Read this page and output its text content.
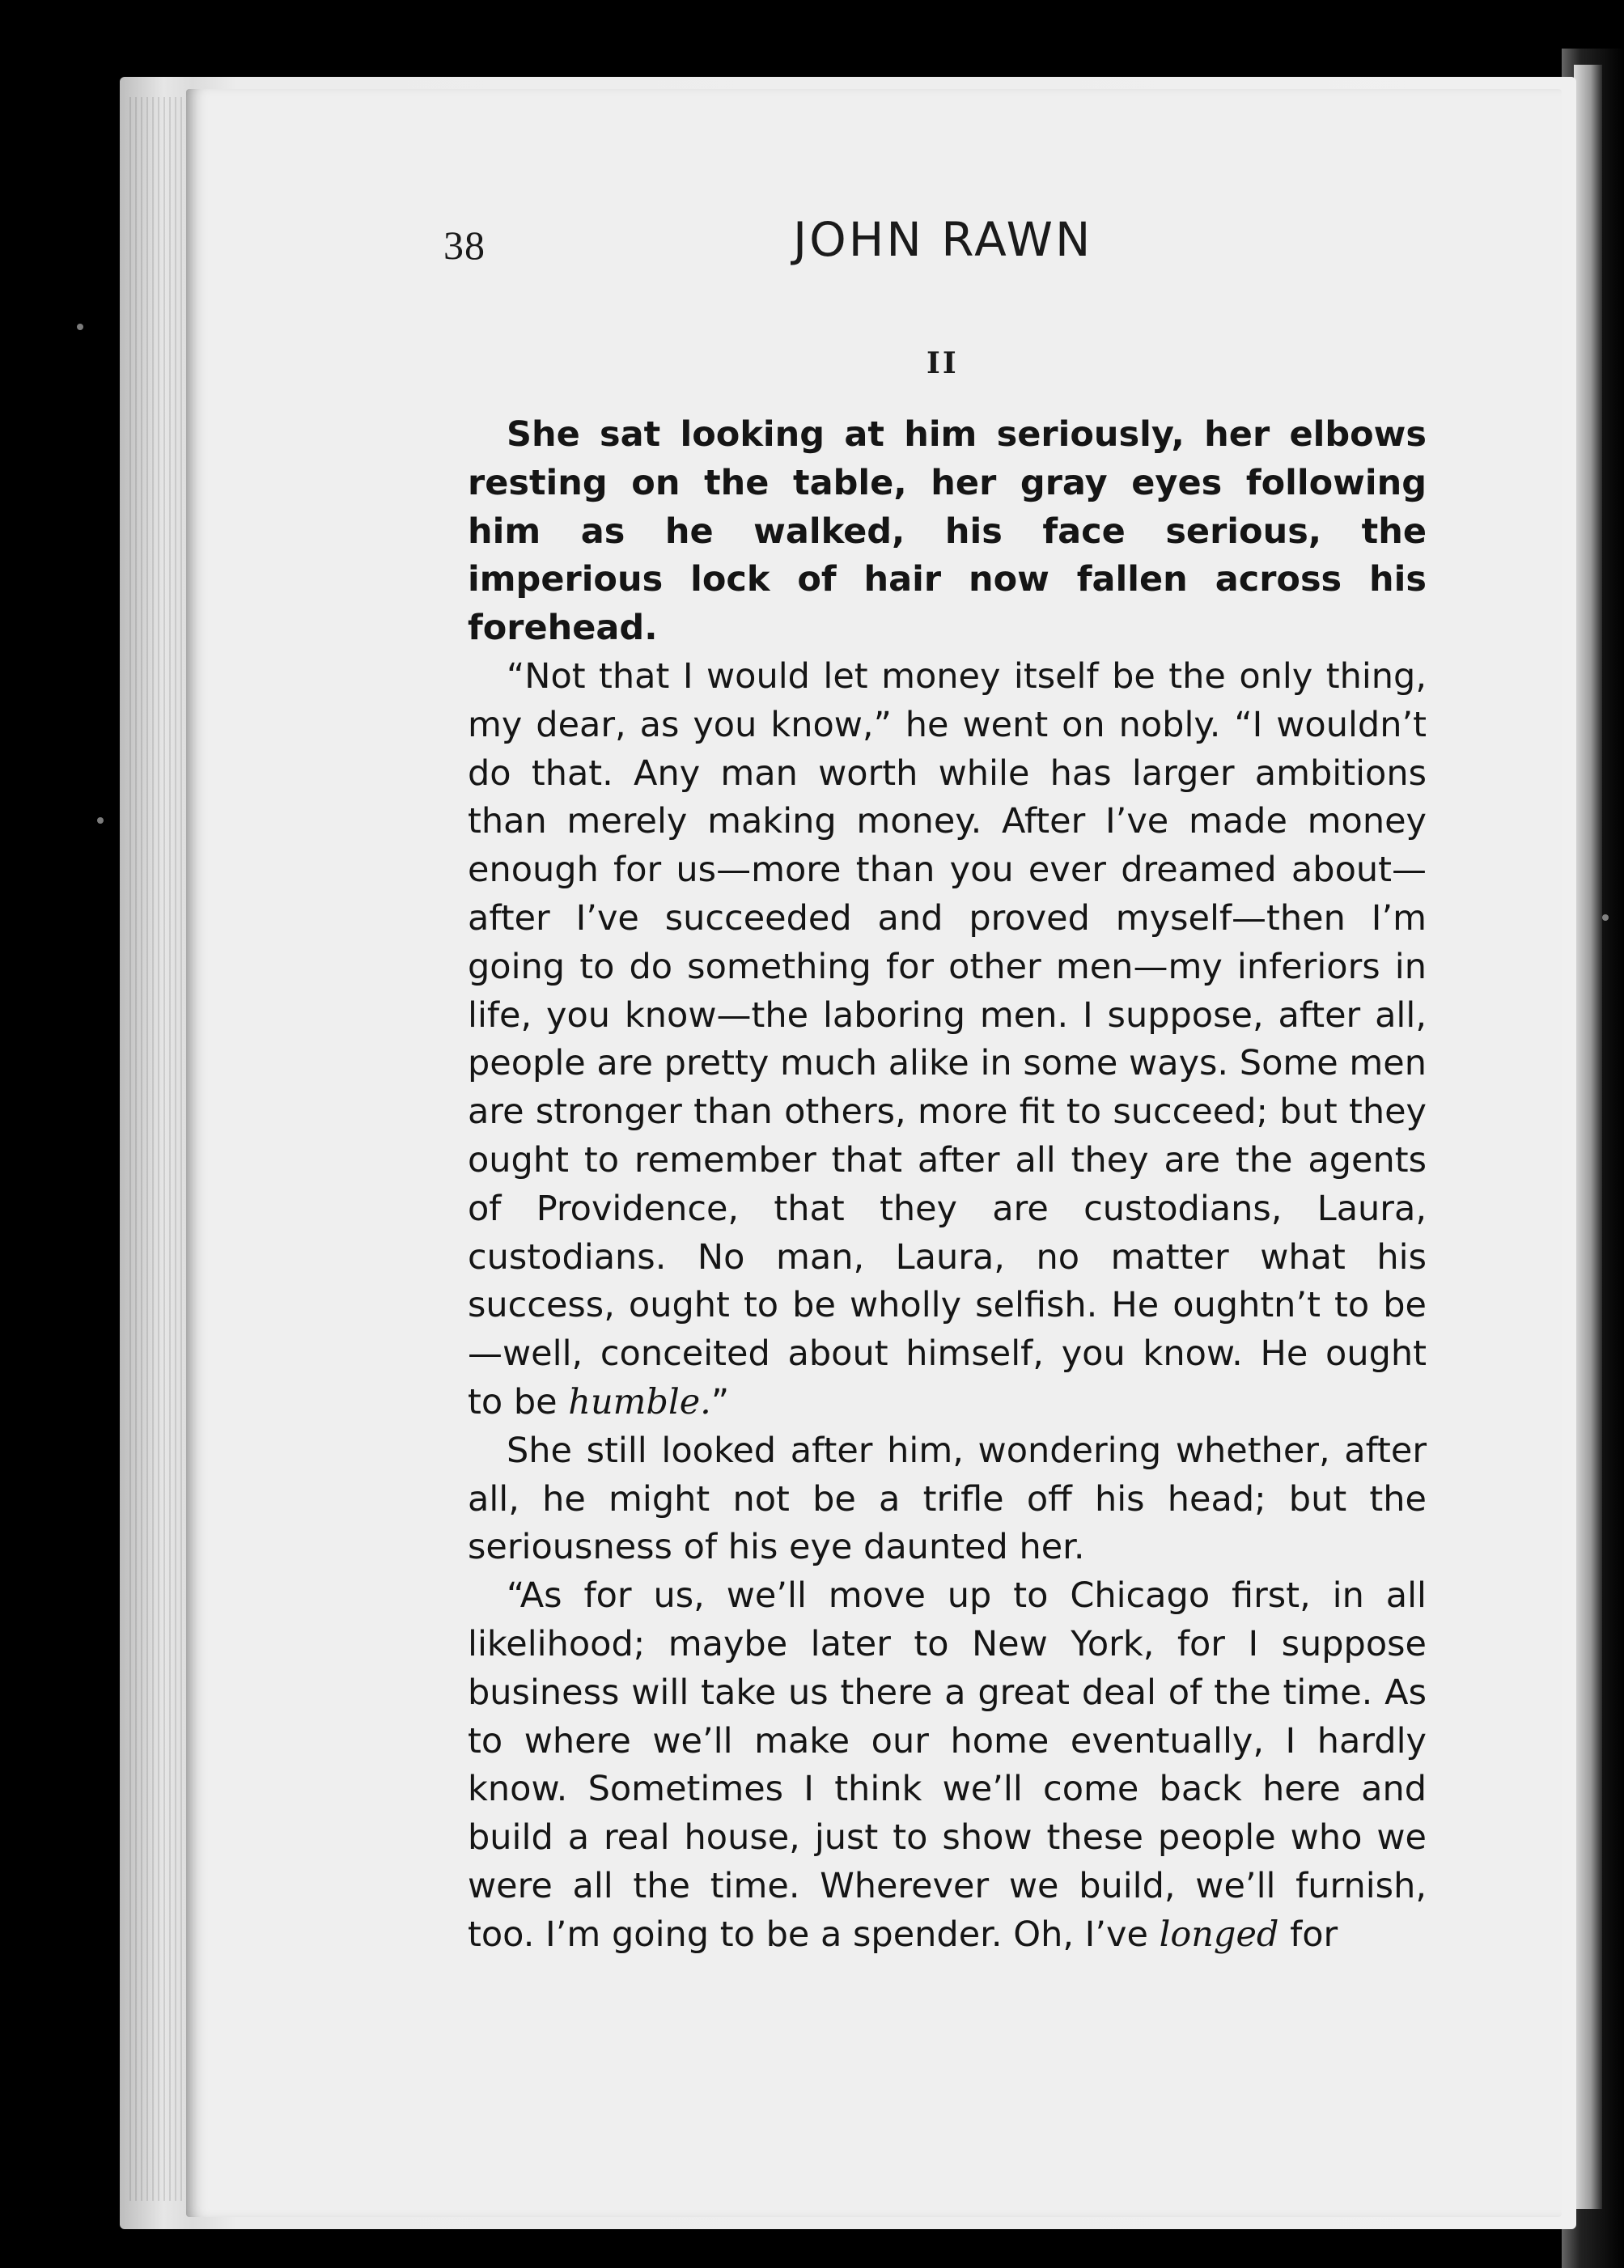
38	JOHN RAWN
II

She sat looking at him seriously, her elbows resting on the table, her gray eyes following him as he walked, his face serious, the imperious lock of hair now fallen across his forehead.

“Not that I would let money itself be the only thing, my dear, as you know,” he went on nobly. “I wouldn’t do that. Any man worth while has larger ambitions than merely making money. After I’ve made money enough for us—more than you ever dreamed about—after I’ve succeeded and proved myself—then I’m going to do something for other men—my inferiors in life, you know—the laboring men. I suppose, after all, people are pretty much alike in some ways. Some men are stronger than others, more fit to succeed; but they ought to remember that after all they are the agents of Providence, that they are custodians, Laura, custodians. No man, Laura, no matter what his success, ought to be wholly selfish. He oughtn’t to be—well, conceited about himself, you know. He ought to be humble.”

She still looked after him, wondering whether, after all, he might not be a trifle off his head; but the seriousness of his eye daunted her.

“As for us, we’ll move up to Chicago first, in all likelihood; maybe later to New York, for I suppose business will take us there a great deal of the time. As to where we’ll make our home eventually, I hardly know. Sometimes I think we’ll come back here and build a real house, just to show these people who we were all the time. Wherever we build, we’ll furnish, too. I’m going to be a spender. Oh, I’ve longed for
